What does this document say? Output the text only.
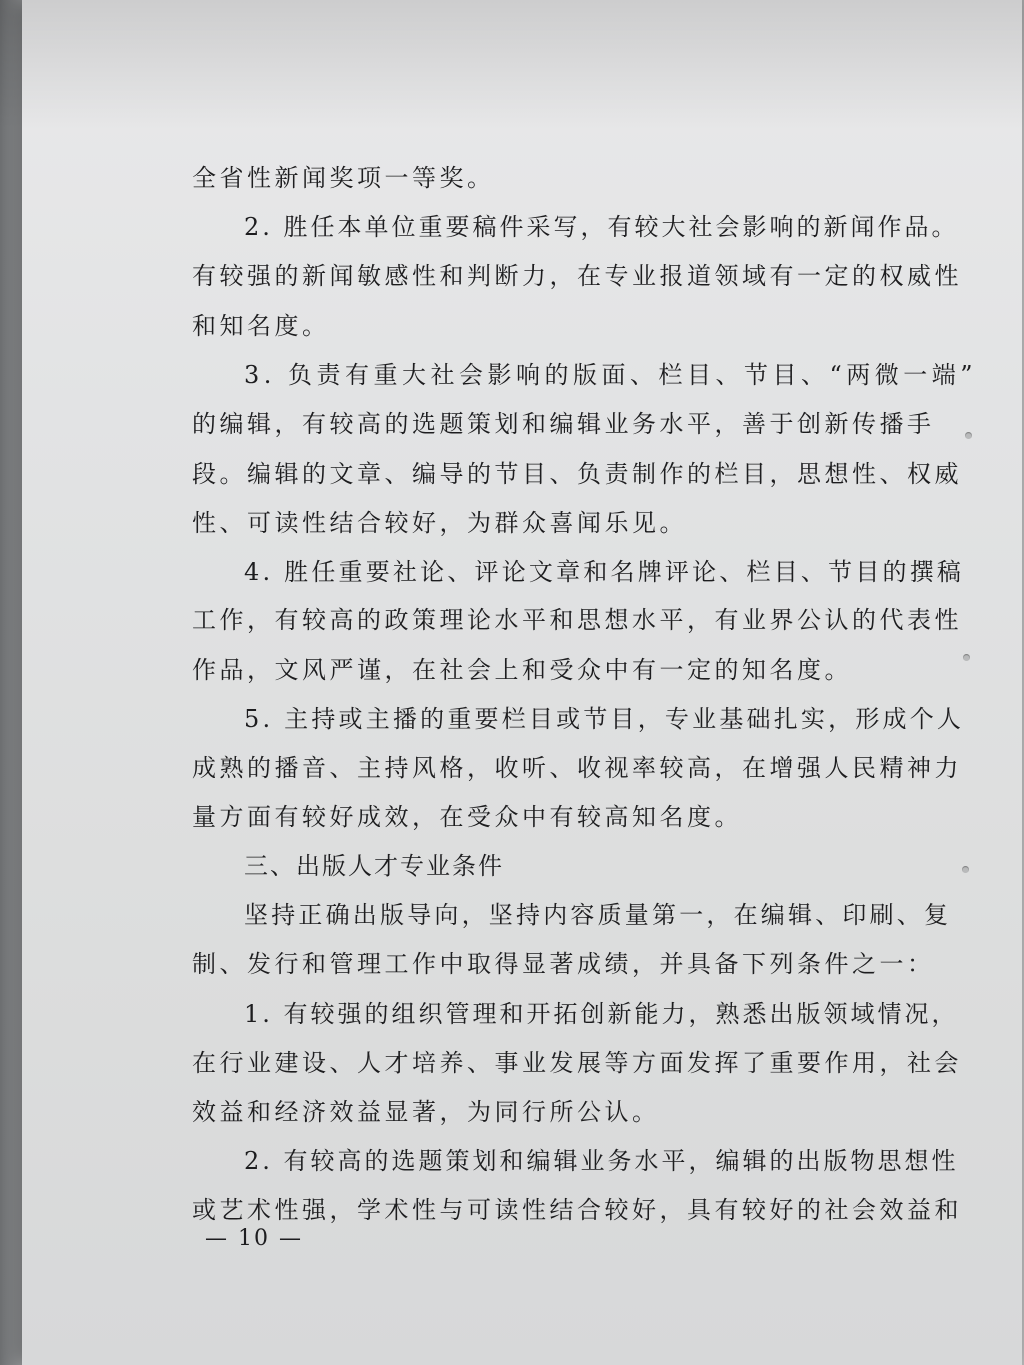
全省性新闻奖项一等奖。
2. 胜任本单位重要稿件采写，有较大社会影响的新闻作品。
有较强的新闻敏感性和判断力，在专业报道领域有一定的权威性
和知名度。
3. 负责有重大社会影响的版面、栏目、节目、“两微一端”
的编辑，有较高的选题策划和编辑业务水平，善于创新传播手
段。编辑的文章、编导的节目、负责制作的栏目，思想性、权威
性、可读性结合较好，为群众喜闻乐见。
4. 胜任重要社论、评论文章和名牌评论、栏目、节目的撰稿
工作，有较高的政策理论水平和思想水平，有业界公认的代表性
作品，文风严谨，在社会上和受众中有一定的知名度。
5. 主持或主播的重要栏目或节目，专业基础扎实，形成个人
成熟的播音、主持风格，收听、收视率较高，在增强人民精神力
量方面有较好成效，在受众中有较高知名度。
三、出版人才专业条件
坚持正确出版导向，坚持内容质量第一，在编辑、印刷、复
制、发行和管理工作中取得显著成绩，并具备下列条件之一：
1. 有较强的组织管理和开拓创新能力，熟悉出版领域情况，
在行业建设、人才培养、事业发展等方面发挥了重要作用，社会
效益和经济效益显著，为同行所公认。
2. 有较高的选题策划和编辑业务水平，编辑的出版物思想性
或艺术性强，学术性与可读性结合较好，具有较好的社会效益和
— 10 —
